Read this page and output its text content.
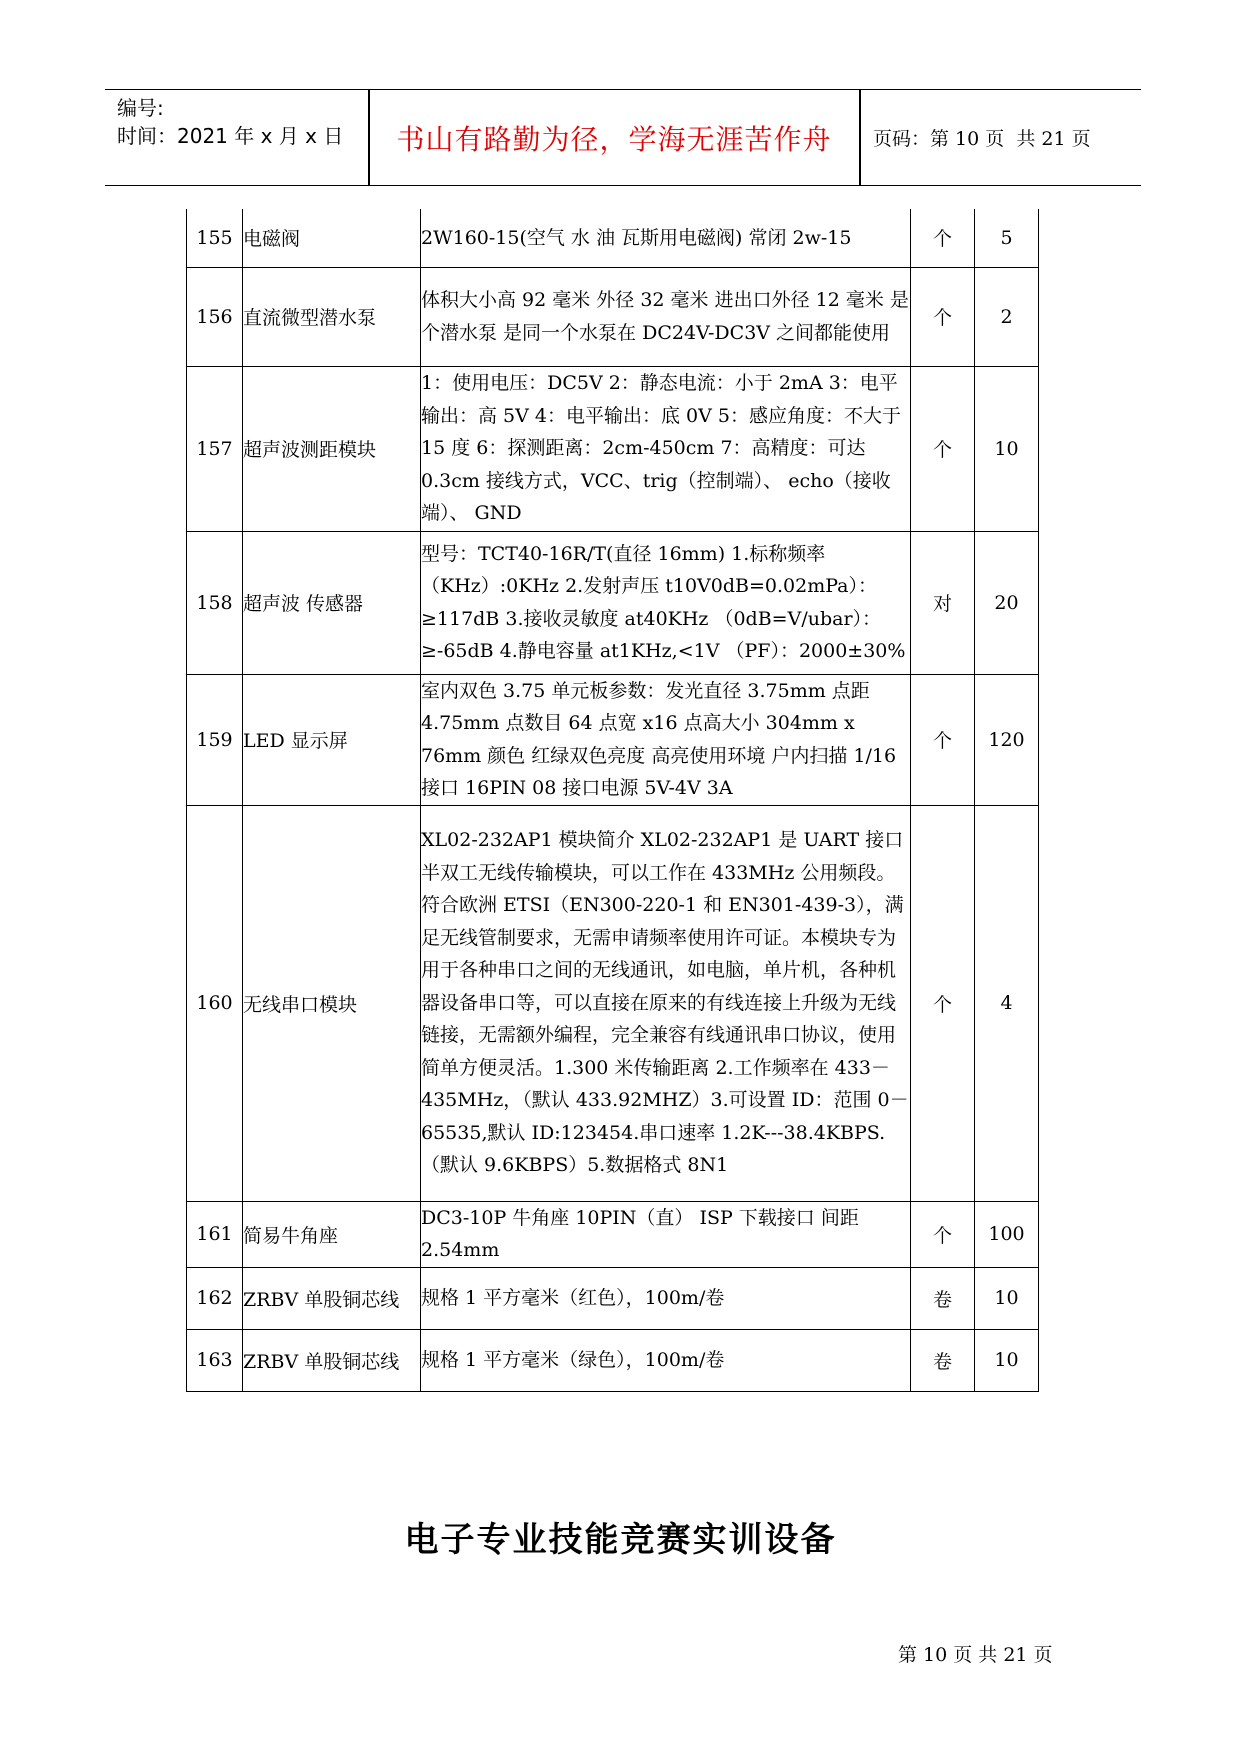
编号:
时间：2021 年 x 月 x 日	书山有路勤为径，学海无涯苦作舟	页码：第 10 页  共 21 页
155	电磁阀	2W160-15(空气 水 油 瓦斯用电磁阀) 常闭 2w-15	个	5
156	直流微型潜水泵	体积大小高 92 毫米 外径 32 毫米 进出口外径 12 毫米 是个潜水泵 是同一个水泵在 DC24V-DC3V 之间都能使用	个	2
157	超声波测距模块	1：使用电压：DC5V 2：静态电流：小于 2mA 3：电平输出：高 5V 4：电平输出：底 0V 5：感应角度：不大于 15 度 6：探测距离：2cm-450cm 7：高精度：可达 0.3cm 接线方式，VCC、trig（控制端）、 echo（接收端）、 GND	个	10
158	超声波 传感器	型号：TCT40-16R/T(直径 16mm) 1.标称频率（KHz）:0KHz 2.发射声压 t10V0dB=0.02mPa）：≥117dB 3.接收灵敏度 at40KHz （0dB=V/ubar）：≥-65dB 4.静电容量 at1KHz,<1V （PF）：2000±30%	对	20
159	LED 显示屏	室内双色 3.75 单元板参数：发光直径 3.75mm 点距 4.75mm 点数目 64 点宽 x16 点高大小 304mm x 76mm 颜色 红绿双色亮度 高亮使用环境 户内扫描 1/16 接口 16PIN 08 接口电源 5V-4V 3A	个	120
160	无线串口模块	XL02-232AP1 模块简介 XL02-232AP1 是 UART 接口半双工无线传输模块，可以工作在 433MHz 公用频段。符合欧洲 ETSI（EN300-220-1 和 EN301-439-3），满足无线管制要求，无需申请频率使用许可证。本模块专为用于各种串口之间的无线通讯，如电脑，单片机，各种机器设备串口等，可以直接在原来的有线连接上升级为无线链接，无需额外编程，完全兼容有线通讯串口协议，使用简单方便灵活。1.300 米传输距离 2.工作频率在 433－435MHz，（默认 433.92MHZ）3.可设置 ID：范围 0－65535,默认 ID:123454.串口速率 1.2K---38.4KBPS.（默认 9.6KBPS）5.数据格式 8N1	个	4
161	简易牛角座	DC3-10P 牛角座 10PIN（直） ISP 下载接口 间距 2.54mm	个	100
162	ZRBV 单股铜芯线	规格 1 平方毫米（红色），100m/卷	卷	10
163	ZRBV 单股铜芯线	规格 1 平方毫米（绿色），100m/卷	卷	10
电子专业技能竞赛实训设备
第 10 页 共 21 页
